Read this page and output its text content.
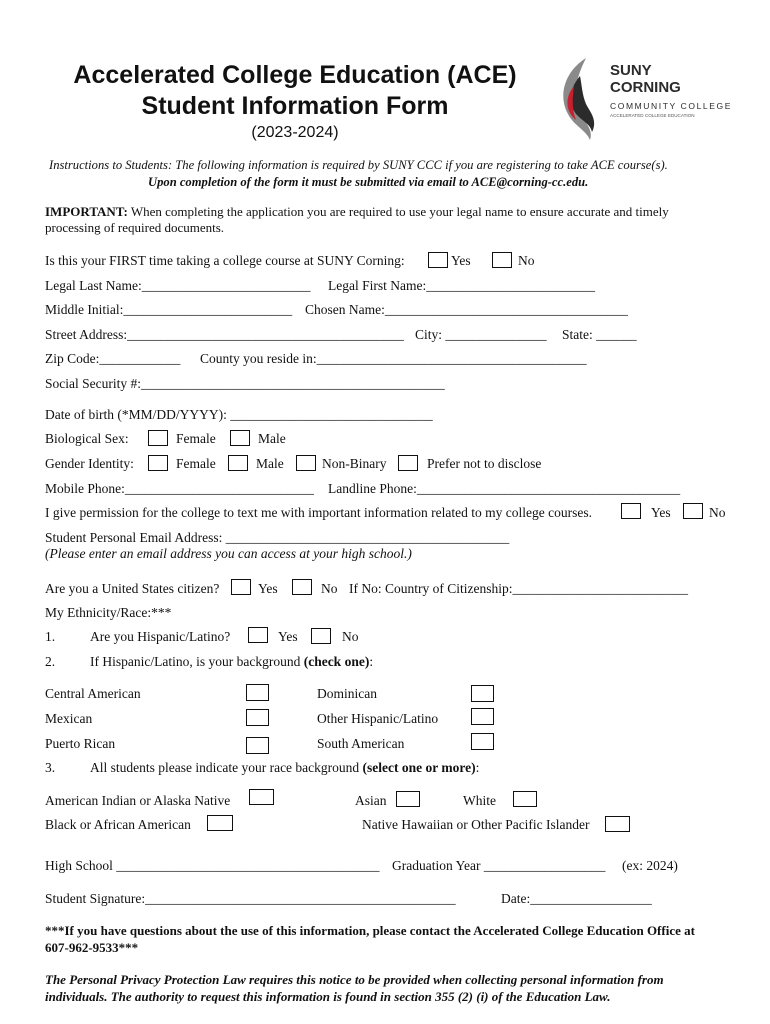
Accelerated College Education (ACE)
Student Information Form
(2023-2024)
SUNY
CORNING
COMMUNITY COLLEGE
ACCELERATED COLLEGE EDUCATION
Instructions to Students: The following information is required by SUNY CCC if you are registering to take ACE course(s).
Upon completion of the form it must be submitted via email to ACE@corning-cc.edu.
IMPORTANT: When completing the application you are required to use your legal name to ensure accurate and timely
processing of required documents.
Is this your FIRST time taking a college course at SUNY Corning:	Yes	No
Legal Last Name:_________________________ Legal First Name:_________________________
Middle Initial:_________________________ Chosen Name:____________________________________
Street Address:_________________________________________ City: _______________ State: ______
Zip Code:____________ County you reside in:________________________________________
Social Security #:_____________________________________________
Date of birth (*MM/DD/YYYY): ______________________________
Biological Sex:	Female	Male
Gender Identity:	Female	Male	Non-Binary	Prefer not to disclose
Mobile Phone:____________________________ Landline Phone:_______________________________________
I give permission for the college to text me with important information related to my college courses.	Yes	No
Student Personal Email Address: __________________________________________
(Please enter an email address you can access at your high school.)
Are you a United States citizen?	Yes	No If No: Country of Citizenship:__________________________
My Ethnicity/Race:***
1.	Are you Hispanic/Latino?	Yes	No
2.	If Hispanic/Latino, is your background (check one):
Central American	Dominican
Mexican	Other Hispanic/Latino
Puerto Rican	South American
3.	All students please indicate your race background (select one or more):
American Indian or Alaska Native	Asian	White
Black or African American	Native Hawaiian or Other Pacific Islander
High School _______________________________________ Graduation Year __________________ (ex: 2024)
Student Signature:______________________________________________	Date:__________________
***If you have questions about the use of this information, please contact the Accelerated College Education Office at
607-962-9533***
The Personal Privacy Protection Law requires this notice to be provided when collecting personal information from
individuals. The authority to request this information is found in section 355 (2) (i) of the Education Law.
